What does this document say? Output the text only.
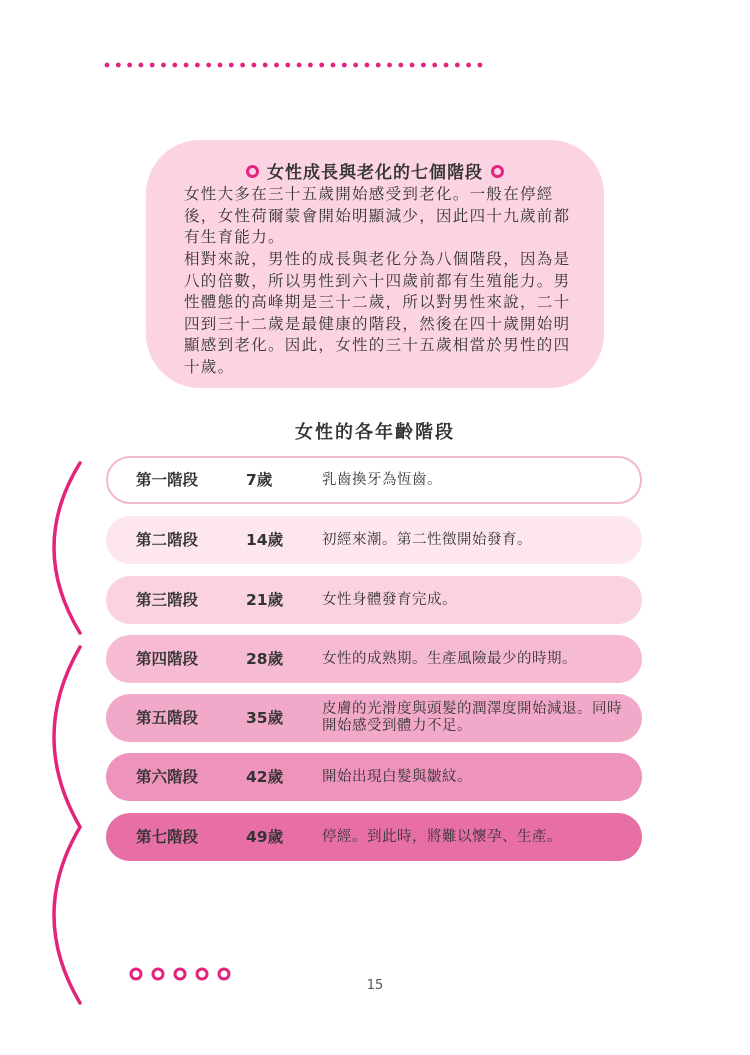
女性成長與老化的七個階段

女性大多在三十五歲開始感受到老化。一般在停經後，女性荷爾蒙會開始明顯減少，因此四十九歲前都有生育能力。

相對來說，男性的成長與老化分為八個階段，因為是八的倍數，所以男性到六十四歲前都有生殖能力。男性體態的高峰期是三十二歲，所以對男性來說，二十四到三十二歲是最健康的階段，然後在四十歲開始明顯感到老化。因此，女性的三十五歲相當於男性的四十歲。

女性的各年齡階段
第一階段	7歲	乳齒換牙為恆齒。
第二階段	14歲	初經來潮。第二性徵開始發育。
第三階段	21歲	女性身體發育完成。
第四階段	28歲	女性的成熟期。生產風險最少的時期。
第五階段	35歲	皮膚的光滑度與頭髮的潤澤度開始減退。同時開始感受到體力不足。
第六階段	42歲	開始出現白髮與皺紋。
第七階段	49歲	停經。到此時，將難以懷孕、生產。
15
